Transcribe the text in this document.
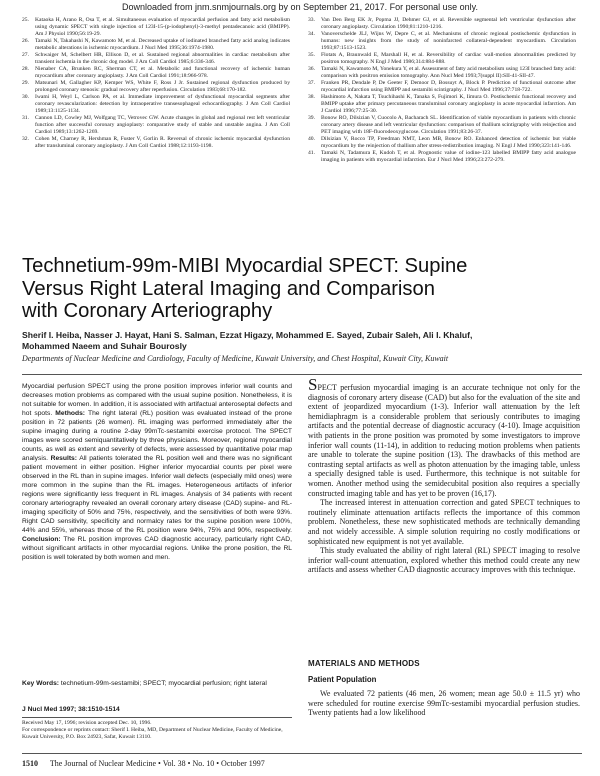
Downloaded from jnm.snmjournals.org by on September 21, 2017. For personal use only.
25.	Kataoka H, Arano R, Osa T, et al. Simultaneous evaluation of myocardial perfusion and fatty acid metabolism using dynamic SPECT with single injection of 123I-15-(p-iodophenyl)-3-methyl pentadecanoic acid (BMIPP). Am J Physiol 1990;56:19-29.
26.	Tamaki N, Takahashi N, Kawamoto M, et al. Decreased uptake of iodinated branched fatty acid analog indicates metabolic alterations in ischemic myocardium. J Nucl Med 1995;36:1974-1980.
27.	Schwaiger M, Schelbert HR, Ellison D, et al. Sustained regional abnormalities in cardiac metabolism after transient ischemia in the chronic dog model. J Am Coll Cardiol 1985;6:336-346.
28.	Nienaber CA, Brunken RC, Sherman CT, et al. Metabolic and functional recovery of ischemic human myocardium after coronary angioplasty. J Am Coll Cardiol 1991;18:966-978.
29.	Matsunari M, Gallagher KP, Kemper WS, White F, Ross J Jr. Sustained regional dysfunction produced by prolonged coronary stenosis: gradual recovery after reperfusion. Circulation 1983;68:170-182.
30.	Iwami H, Weyl L, Carlson PA, et al. Immediate improvement of dysfunctional myocardial segments after coronary revascularization: detection by intraoperative transesophageal echocardiography. J Am Coll Cardiol 1989;13:1125-1134.
31.	Cannon LD, Cowley MJ, Wolfgang TC, Vetrovec GW. Acute changes in global and regional rest left ventricular function after successful coronary angioplasty: comparative study of stable and unstable angina. J Am Coll Cardiol 1989;13:1262-1269.
32.	Cohen M, Charney R, Hershman R, Fuster V, Gorlin R. Reversal of chronic ischemic myocardial dysfunction after transluminal coronary angioplasty. J Am Coll Cardiol 1988;12:1193-1198.
33.	Van Den Berg EK Jr, Popma JJ, Dehmer GJ, et al. Reversible segmental left ventricular dysfunction after coronary angioplasty. Circulation 1990;81:1210-1216.
34.	Vanoverschelde JLJ, Wijns W, Depre C, et al. Mechanisms of chronic regional postischemic dysfunction in humans: new insights from the study of noninfarcted collateral-dependent myocardium. Circulation 1993;87:1513-1523.
35.	Flotats A, Braunwald E, Marshall H, et al. Reversibility of cardiac wall-motion abnormalities predicted by positron tomography. N Engl J Med 1986;314:884-888.
36.	Tamaki N, Kawamoto M, Yonekura Y, et al. Assessment of fatty acid metabolism using 123I branched fatty acid: comparison with positron emission tomography. Ann Nucl Med 1993;7(suppl II):SII-41-SII-47.
37.	Franken PR, Dendale P, De Geeter F, Demoor D, Bossuyt A, Block P. Prediction of functional outcome after myocardial infarction using BMIPP and sestamibi scintigraphy. J Nucl Med 1996;37:718-722.
38.	Hashimoto A, Nakata T, Tsuchihashi K, Tanaka S, Fujimori K, Iimura O. Postischemic functional recovery and BMIPP uptake after primary percutaneous transluminal coronary angioplasty in acute myocardial infarction. Am J Cardiol 1996;77:25-30.
39.	Bonow RO, Dilsizian V, Cuocolo A, Bacharach SL. Identification of viable myocardium in patients with chronic coronary artery disease and left ventricular dysfunction: comparison of thallium scintigraphy with reinjection and PET imaging with 18F-fluorodeoxyglucose. Circulation 1991;83:26-37.
40.	Dilsizian V, Rocco TP, Freedman NMT, Leon MB, Bonow RO. Enhanced detection of ischemic but viable myocardium by the reinjection of thallium after stress-redistribution imaging. N Engl J Med 1990;323:141-146.
41.	Tamaki N, Tadamura E, Kudoh T, et al. Prognostic value of iodine-123 labelled BMIPP fatty acid analogue imaging in patients with myocardial infarction. Eur J Nucl Med 1996;23:272-279.
Technetium-99m-MIBI Myocardial SPECT: Supine
Versus Right Lateral Imaging and Comparison
with Coronary Arteriography
Sherif I. Heiba, Nasser J. Hayat, Hani S. Salman, Ezzat Higazy, Mohammed E. Sayed, Zubair Saleh, Ali I. Khaluf,
Mohammed Naeem and Suhair Bourosly
Departments of Nuclear Medicine and Cardiology, Faculty of Medicine, Kuwait University, and Chest Hospital, Kuwait City, Kuwait
Myocardial perfusion SPECT using the prone position improves inferior wall counts and decreases motion problems as compared with the usual supine position. Nonetheless, it is not suitable for women. In addition, it is associated with artifactual anteroseptal defects and hot spots. Methods: The right lateral (RL) position was evaluated instead of the prone position in 72 patients (26 women). RL imaging was performed immediately after the supine imaging during a routine 2-day 99mTc-sestamibi exercise protocol. The SPECT images were scored semiquantitatively by three physicians. Moreover, regional myocardial counts, as well as extent and severity of defects, were assessed by quantitative polar map analysis. Results: All patients tolerated the RL position well and there was no significant patient movement in either position. Higher inferior myocardial counts per pixel were observed in the RL than in supine images. Inferior wall defects (especially mild ones) were more common in the supine than the RL images. Heterogeneous artifacts of inferior regions were significantly less frequent in RL images. Analysis of 34 patients with recent coronary arteriography revealed an overall coronary artery disease (CAD) supine- and RL-imaging specificity of 50% and 75%, respectively, and the sensitivities of both were 93%. Right CAD sensitivity, specificity and normalcy rates for the supine position were 100%, 44% and 55%, whereas those of the RL position were 94%, 75% and 90%, respectively. Conclusion: The RL position improves CAD diagnostic accuracy, particularly right CAD, without significant artifacts in other myocardial regions. Unlike the prone position, the RL position is well tolerated by both women and men.
Key Words: technetium-99m-sestamibi; SPECT; myocardial perfusion; right lateral
J Nucl Med 1997; 38:1510-1514
Received May 17, 1996; revision accepted Dec. 10, 1996.
For correspondence or reprints contact: Sherif I. Heiba, MD, Department of Nuclear Medicine, Faculty of Medicine, Kuwait University, P.O. Box 24923, Safat, Kuwait 13110.

SPECT perfusion myocardial imaging is an accurate technique not only for the diagnosis of coronary artery disease (CAD) but also for the evaluation of the site and extent of jeopardized myocardium (1-3). Inferior wall attenuation by the left hemidiaphragm is a considerable problem that seriously contributes to imaging artifacts and the potential decrease of diagnostic accuracy (4-10). Image acquisition with patients in the prone position was promoted by some investigators to improve inferior wall counts (11-14), in addition to reducing motion problems when patients are unable to tolerate the supine position (13). The drawbacks of this method are contrasting septal artifacts as well as photon attenuation by the imaging table, unless a specially designed table is used. Furthermore, this technique is not suitable for women. Another method using the semidecubital position also requires a specially constructed imaging table and has yet to be proven (16,17).

The increased interest in attenuation correction and gated SPECT techniques to routinely eliminate attenuation artifacts reflects the importance of this common problem. Nonetheless, these new sophisticated methods are technically demanding and not widely accessible. A simple solution requiring no costly modifications or sophisticated new equipment is not yet available.

This study evaluated the ability of right lateral (RL) SPECT imaging to resolve inferior wall-count attenuation, explored whether this method could create any new artifacts and assess whether CAD diagnostic accuracy improves with this technique.

MATERIALS AND METHODS
Patient Population

We evaluated 72 patients (46 men, 26 women; mean age 50.0 ± 11.5 yr) who were scheduled for routine exercise 99mTc-sestamibi myocardial perfusion studies. Twenty patients had a low likelihood

1510 The Journal of Nuclear Medicine • Vol. 38 • No. 10 • October 1997
